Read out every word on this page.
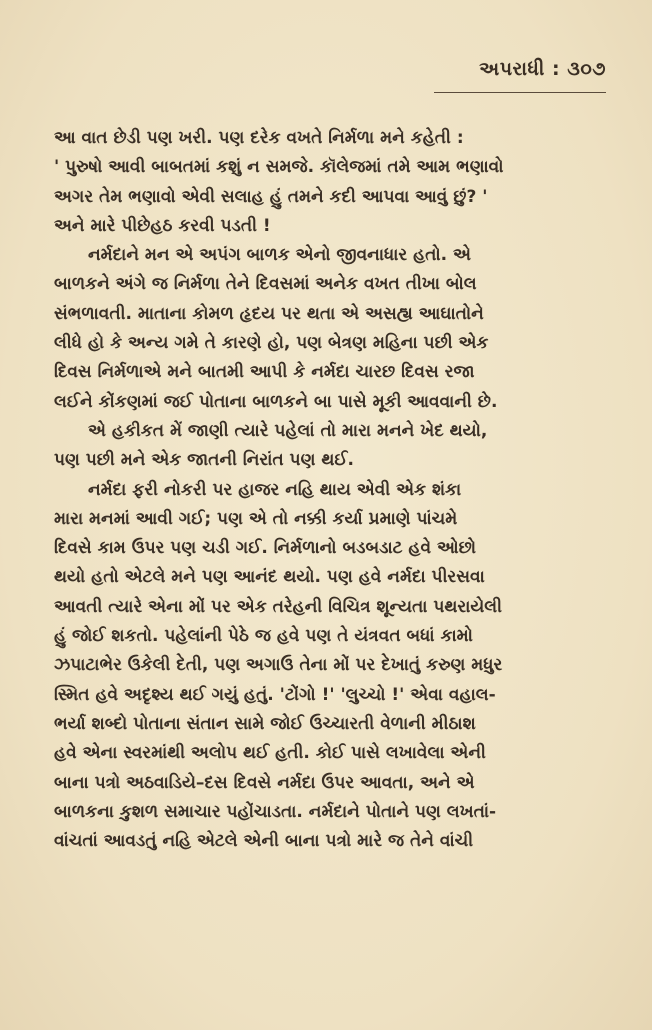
અપરાધી : ૩૦૭

આ વાત છેડી પણ ખરી. પણ દરેક વખતે નિર્મળા મને કહેતી :
' પુરુષો આવી બાબતમાં કશું ન સમજે. કૉલેજમાં તમે આમ ભણાવો
અગર તેમ ભણાવો એવી સલાહ હું તમને કદી આપવા આવું છું? '
અને મારે પીછેહઠ કરવી પડતી !

નર્મદાને મન એ અપંગ બાળક એનો જીવનાધાર હતો. એ
બાળકને અંગે જ નિર્મળા તેને દિવસમાં અનેક વખત તીખા બોલ
સંભળાવતી. માતાના કોમળ હૃદય પર થતા એ અસહ્ય આઘાતોને
લીધે હો કે અન્ય ગમે તે કારણે હો, પણ બેત્રણ મહિના પછી એક
દિવસ નિર્મળાએ મને બાતમી આપી કે નર્મદા ચારછ દિવસ રજા
લઈને કોંકણમાં જઈ પોતાના બાળકને બા પાસે મૂકી આવવાની છે.

એ હકીકત મેં જાણી ત્યારે પહેલાં તો મારા મનને ખેદ થયો,
પણ પછી મને એક જાતની નિરાંત પણ થઈ.

નર્મદા ફરી નોકરી પર હાજર નહિ થાય એવી એક શંકા
મારા મનમાં આવી ગઈ; પણ એ તો નક્કી કર્યા પ્રમાણે પાંચમે
દિવસે કામ ઉપર પણ ચડી ગઈ. નિર્મળાનો બડબડાટ હવે ઓછો
થયો હતો એટલે મને પણ આનંદ થયો. પણ હવે નર્મદા પીરસવા
આવતી ત્યારે એના મોં પર એક તરેહની વિચિત્ર શૂન્યતા પથરાયેલી
હું જોઈ શકતો. પહેલાંની પેઠે જ હવે પણ તે યંત્રવત બધાં કામો
ઝપાટાભેર ઉકેલી દેતી, પણ અગાઉ તેના મોં પર દેખાતું કરુણ મધુર
સ્મિત હવે અદૃશ્ય થઈ ગયું હતું. 'ટોંગો !' 'લુચ્ચો !' એવા વહાલ-
ભર્યા શબ્દો પોતાના સંતાન સામે જોઈ ઉચ્ચારતી વેળાની મીઠાશ
હવે એના સ્વરમાંથી અલોપ થઈ હતી. કોઈ પાસે લખાવેલા એની
બાના પત્રો અઠવાડિયે–દસ દિવસે નર્મદા ઉપર આવતા, અને એ
બાળકના કુશળ સમાચાર પહોંચાડતા. નર્મદાને પોતાને પણ લખતાં-
વાંચતાં આવડતું નહિ એટલે એની બાના પત્રો મારે જ તેને વાંચી
